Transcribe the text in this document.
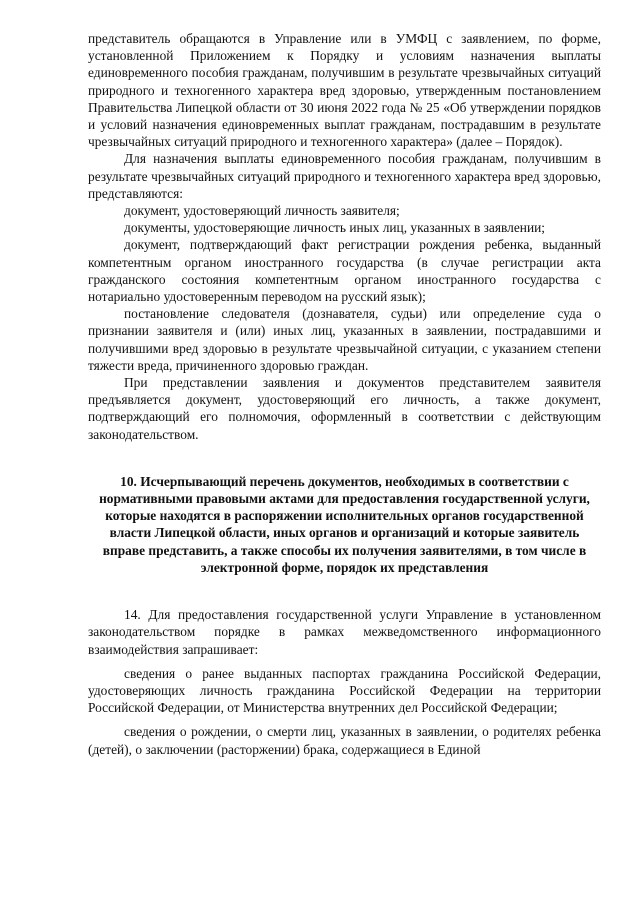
представитель обращаются в Управление или в УМФЦ с заявлением, по форме, установленной Приложением к Порядку и условиям назначения выплаты единовременного пособия гражданам, получившим в результате чрезвычайных ситуаций природного и техногенного характера вред здоровью, утвержденным постановлением Правительства Липецкой области от 30 июня 2022 года № 25 «Об утверждении порядков и условий назначения единовременных выплат гражданам, пострадавшим в результате чрезвычайных ситуаций природного и техногенного характера» (далее – Порядок).

Для назначения выплаты единовременного пособия гражданам, получившим в результате чрезвычайных ситуаций природного и техногенного характера вред здоровью, представляются:

документ, удостоверяющий личность заявителя;

документы, удостоверяющие личность иных лиц, указанных в заявлении;

документ, подтверждающий факт регистрации рождения ребенка, выданный компетентным органом иностранного государства (в случае регистрации акта гражданского состояния компетентным органом иностранного государства с нотариально удостоверенным переводом на русский язык);

постановление следователя (дознавателя, судьи) или определение суда о признании заявителя и (или) иных лиц, указанных в заявлении, пострадавшими и получившими вред здоровью в результате чрезвычайной ситуации, с указанием степени тяжести вреда, причиненного здоровью граждан.

При представлении заявления и документов представителем заявителя предъявляется документ, удостоверяющий его личность, а также документ, подтверждающий его полномочия, оформленный в соответствии с действующим законодательством.

10. Исчерпывающий перечень документов, необходимых в соответствии с нормативными правовыми актами для предоставления государственной услуги, которые находятся в распоряжении исполнительных органов государственной власти Липецкой области, иных органов и организаций и которые заявитель вправе представить, а также способы их получения заявителями, в том числе в электронной форме, порядок их представления

14. Для предоставления государственной услуги Управление в установленном законодательством порядке в рамках межведомственного информационного взаимодействия запрашивает:

сведения о ранее выданных паспортах гражданина Российской Федерации, удостоверяющих личность гражданина Российской Федерации на территории Российской Федерации, от Министерства внутренних дел Российской Федерации;

сведения о рождении, о смерти лиц, указанных в заявлении, о родителях ребенка (детей), о заключении (расторжении) брака, содержащиеся в Единой
